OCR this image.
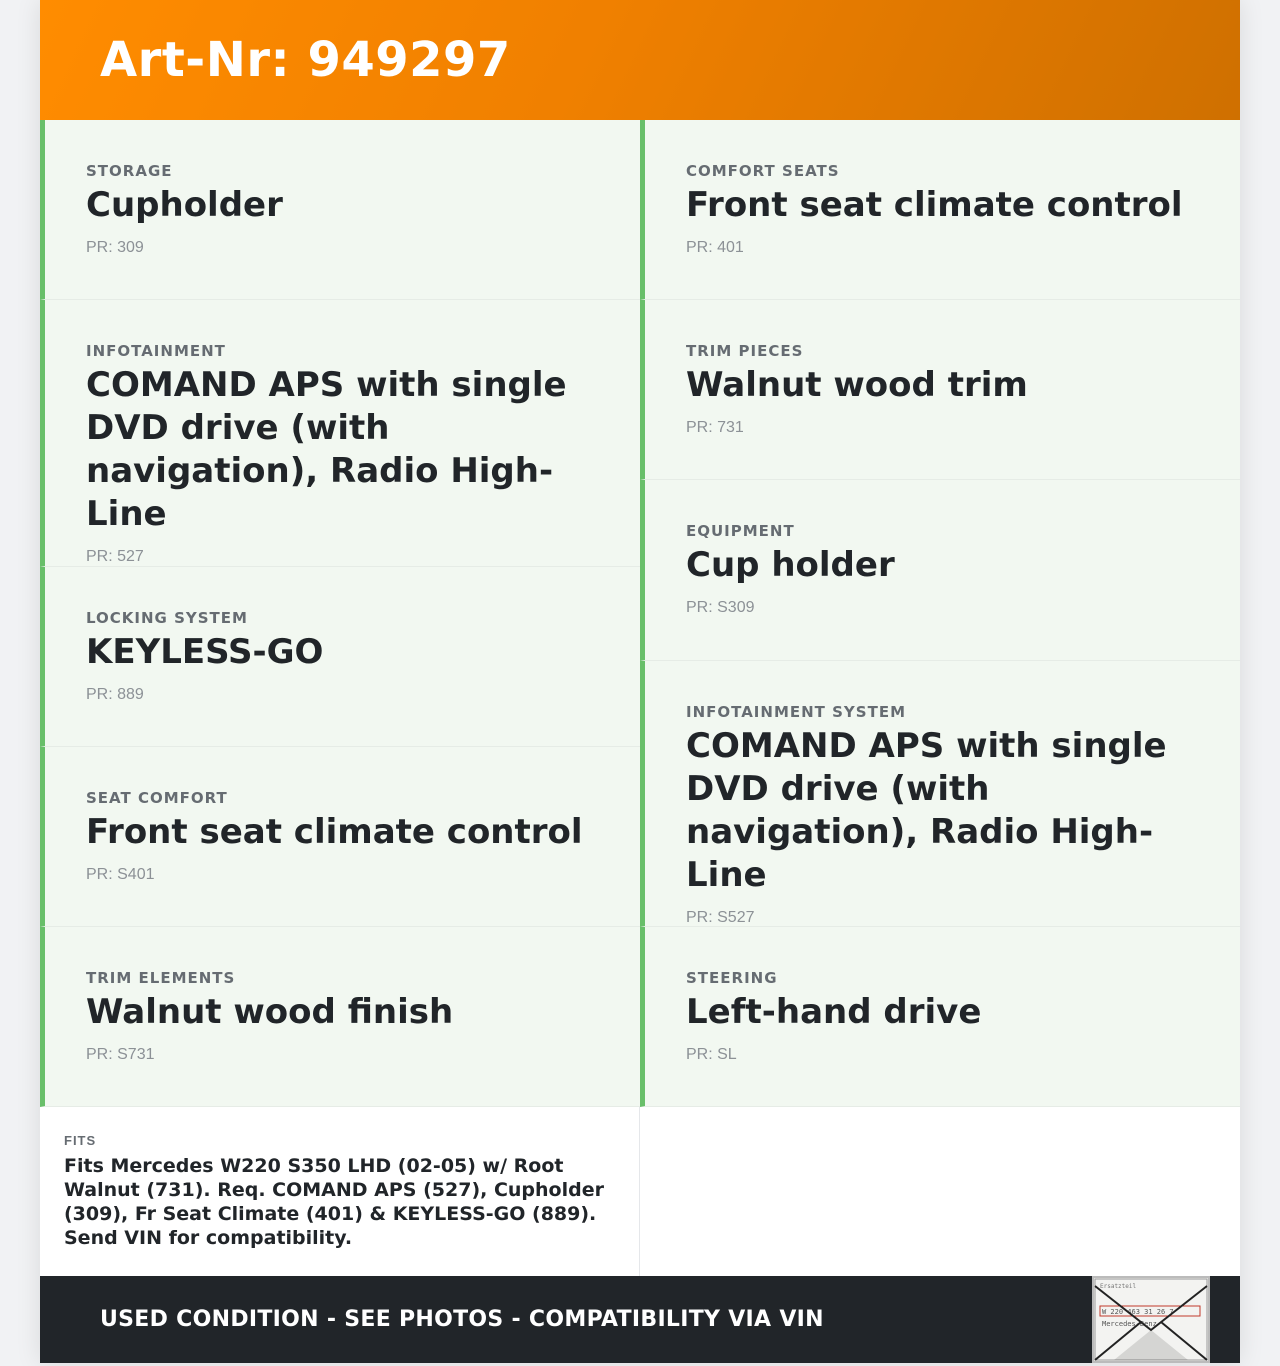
Art-Nr: 949297
STORAGE
Cupholder
PR: 309
INFOTAINMENT
COMAND APS with single DVD drive (with navigation), Radio High-Line
PR: 527
LOCKING SYSTEM
KEYLESS-GO
PR: 889
SEAT COMFORT
Front seat climate control
PR: S401
TRIM ELEMENTS
Walnut wood finish
PR: S731
COMFORT SEATS
Front seat climate control
PR: 401
TRIM PIECES
Walnut wood trim
PR: 731
EQUIPMENT
Cup holder
PR: S309
INFOTAINMENT SYSTEM
COMAND APS with single DVD drive (with navigation), Radio High-Line
PR: S527
STEERING
Left-hand drive
PR: SL
FITS
Fits Mercedes W220 S350 LHD (02-05) w/ Root Walnut (731). Req. COMAND APS (527), Cupholder (309), Fr Seat Climate (401) & KEYLESS-GO (889). Send VIN for compatibility.
USED CONDITION - SEE PHOTOS - COMPATIBILITY VIA VIN
Ersatzteil
W 220 463 31 26 7
Mercedes-Benz
